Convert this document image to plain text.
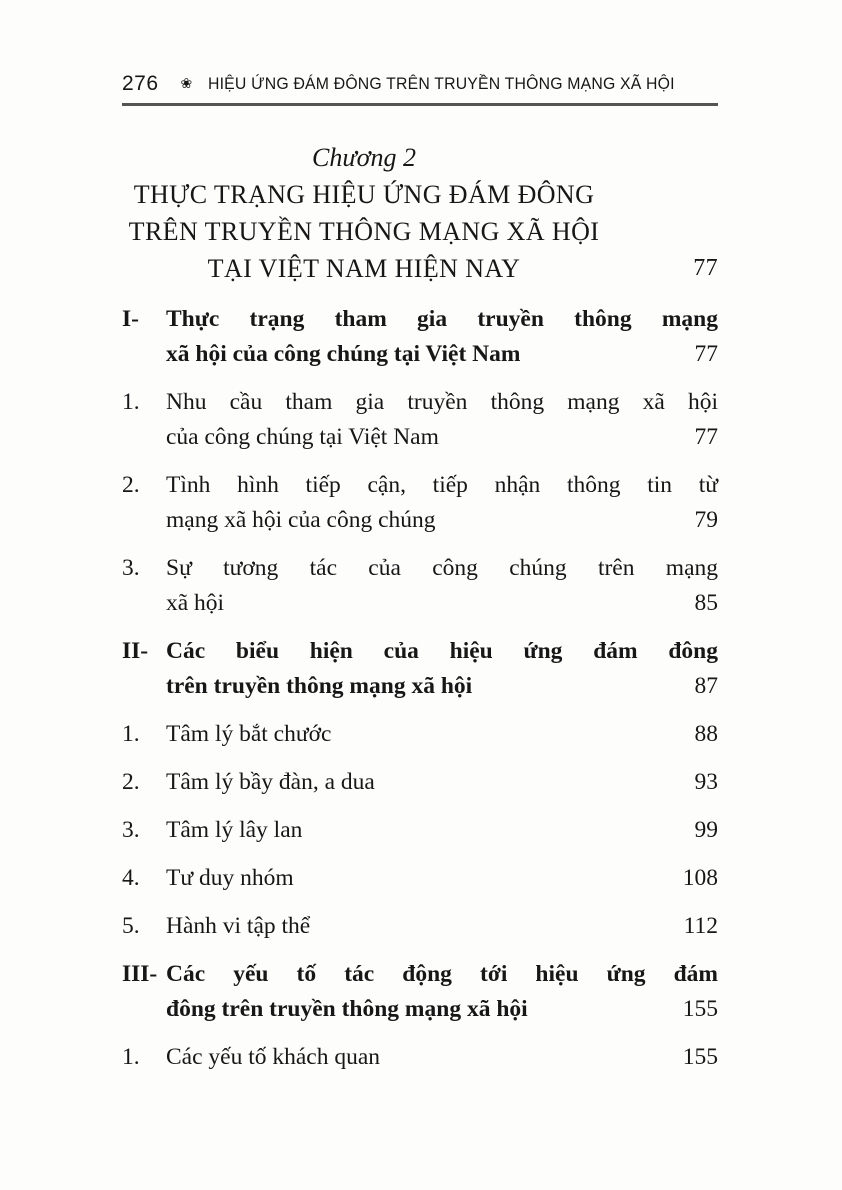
276 ❀ HIỆU ỨNG ĐÁM ĐÔNG TRÊN TRUYỀN THÔNG MẠNG XÃ HỘI
Chương 2
THỰC TRẠNG HIỆU ỨNG ĐÁM ĐÔNG
TRÊN TRUYỀN THÔNG MẠNG XÃ HỘI
TẠI VIỆT NAM HIỆN NAY	77
I-	Thực trạng tham gia truyền thông mạng
xã hội của công chúng tại Việt Nam	77
1.	Nhu cầu tham gia truyền thông mạng xã hội
của công chúng tại Việt Nam	77
2.	Tình hình tiếp cận, tiếp nhận thông tin từ
mạng xã hội của công chúng	79
3.	Sự tương tác của công chúng trên mạng
xã hội	85
II- Các biểu hiện của hiệu ứng đám đông
trên truyền thông mạng xã hội	87
1.	Tâm lý bắt chước	88
2.	Tâm lý bầy đàn, a dua	93
3.	Tâm lý lây lan	99
4.	Tư duy nhóm	108
5.	Hành vi tập thể	112
III- Các yếu tố tác động tới hiệu ứng đám
đông trên truyền thông mạng xã hội	155
1.	Các yếu tố khách quan	155
